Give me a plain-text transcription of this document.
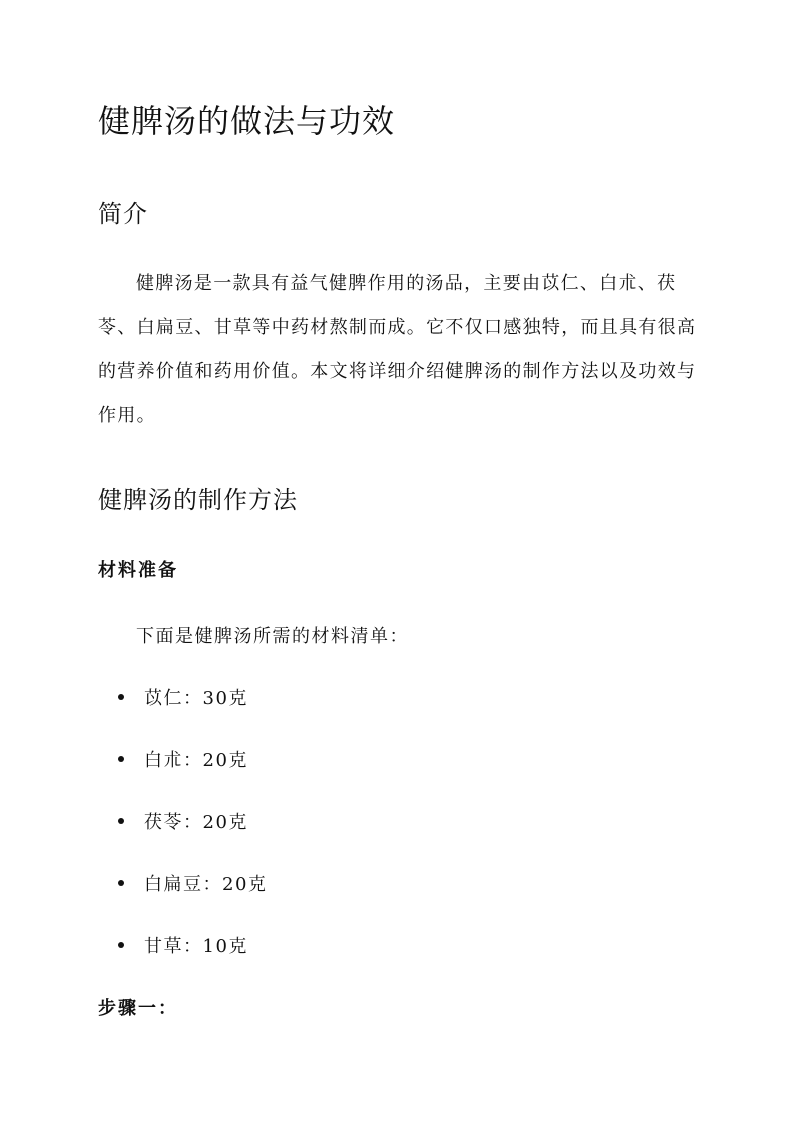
健脾汤的做法与功效
简介

健脾汤是一款具有益气健脾作用的汤品，主要由苡仁、白朮、茯苓、白扁豆、甘草等中药材熬制而成。它不仅口感独特，而且具有很高的营养价值和药用价值。本文将详细介绍健脾汤的制作方法以及功效与作用。

健脾汤的制作方法
材料准备

下面是健脾汤所需的材料清单：

苡仁：30克
白朮：20克
茯苓：20克
白扁豆：20克
甘草：10克
步骤一：
